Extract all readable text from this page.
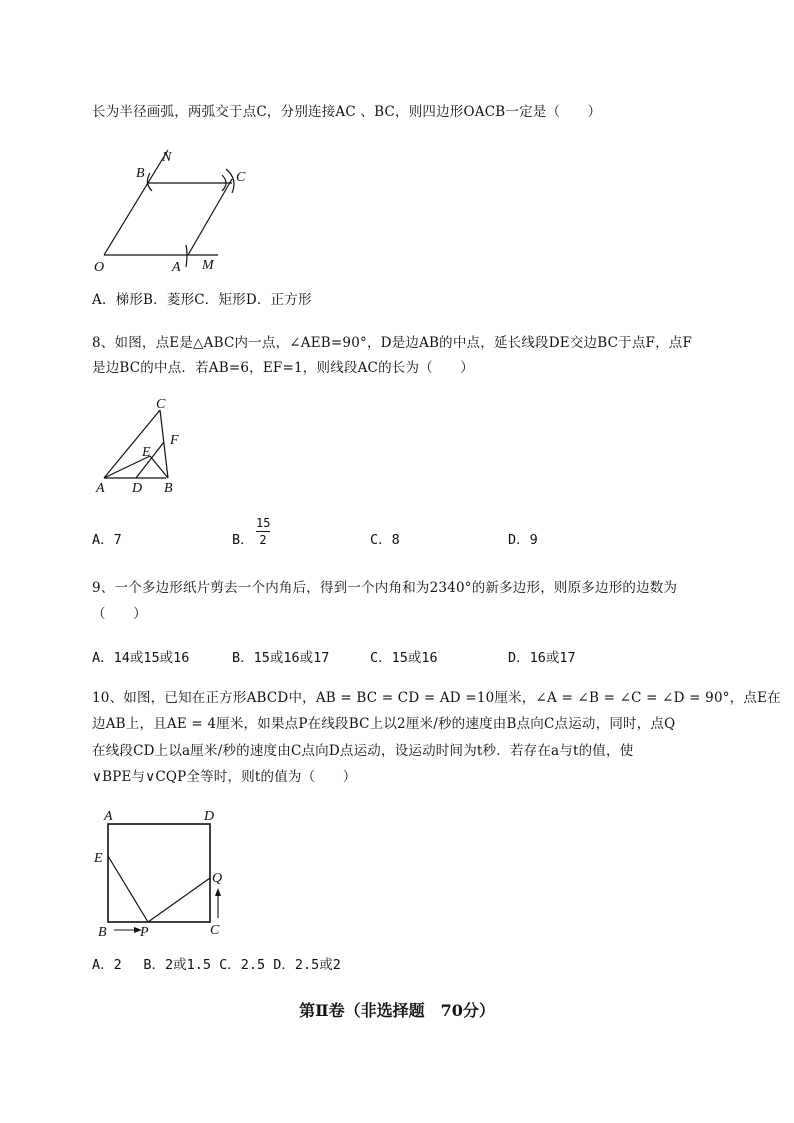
长为半径画弧，两弧交于点C，分别连接AC 、BC，则四边形OACB一定是（　　）
N
B	C
O	A M
A．梯形B．菱形C．矩形D．正方形
8、如图，点E是△ABC内一点，∠AEB=90°，D是边AB的中点，延长线段DE交边BC于点F，点F
是边BC的中点．若AB=6，EF=1，则线段AC的长为（　　）
C
F
E
A D B
A．7	B．
15
2	C．8	D．9
9、一个多边形纸片剪去一个内角后，得到一个内角和为2340°的新多边形，则原多边形的边数为
（　　）
A．14或15或16	B．15或16或17	C．15或16	D．16或17
10、如图，已知在正方形ABCD中，AB = BC = CD = AD =10厘米，∠A = ∠B = ∠C = ∠D = 90°，点E在
边AB上，且AE = 4厘米，如果点P在线段BC上以2厘米/秒的速度由B点向C点运动，同时，点Q
在线段CD上以a厘米/秒的速度由C点向D点运动，设运动时间为t秒．若存在a与t的值，使
∨BPE与∨CQP全等时，则t的值为（　　）
A	D
E
Q
B P	C
A．2　 B．2或1.5 C．2.5 D．2.5或2
第Ⅱ卷（非选择题　70分）
